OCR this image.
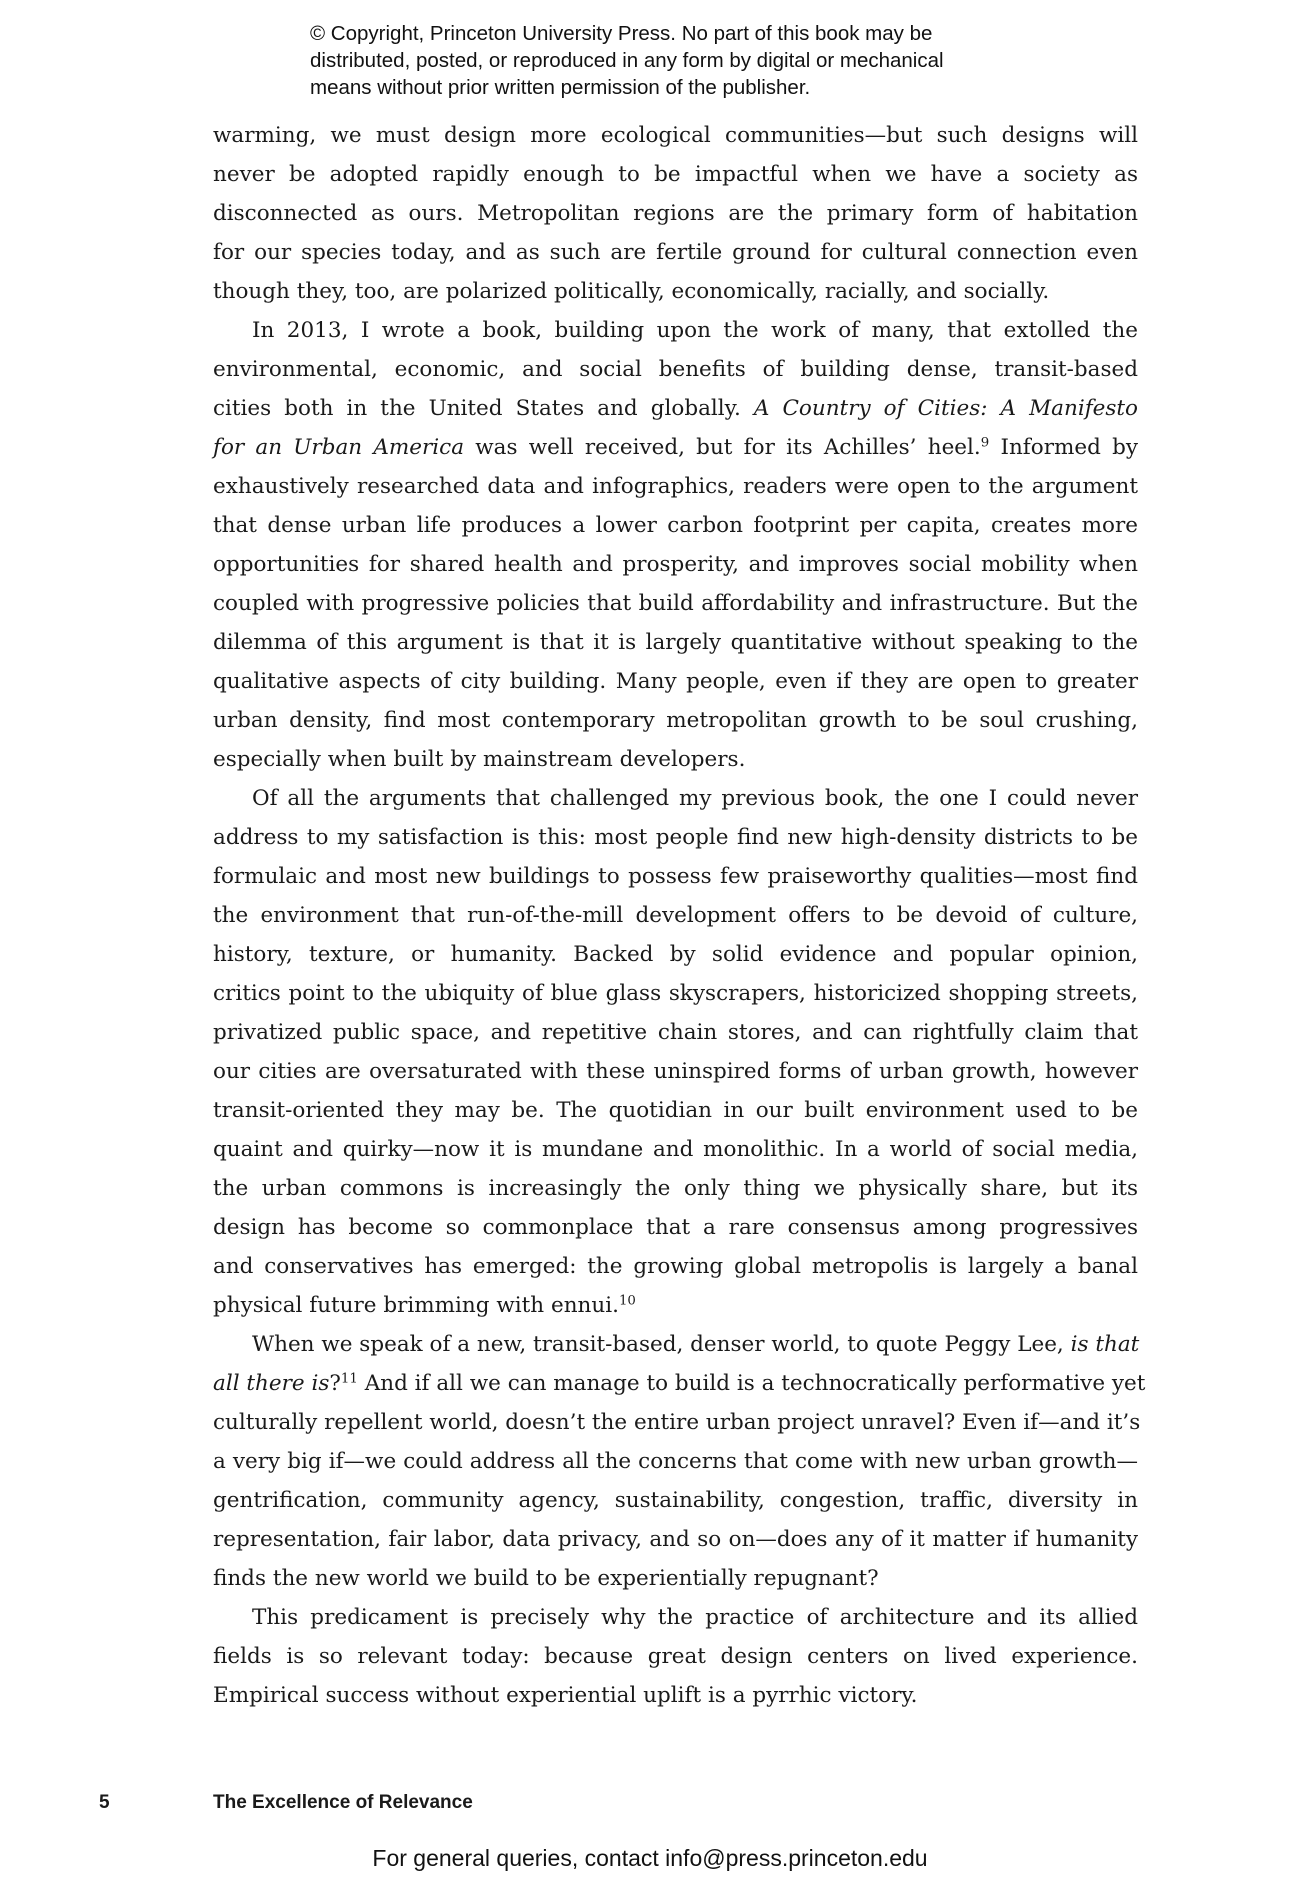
© Copyright, Princeton University Press. No part of this book may be
distributed, posted, or reproduced in any form by digital or mechanical
means without prior written permission of the publisher.
warming, we must design more ecological communities—but such designs will
never be adopted rapidly enough to be impactful when we have a society as
disconnected as ours. Metropolitan regions are the primary form of habitation
for our species today, and as such are fertile ground for cultural connection even
though they, too, are polarized politically, economically, racially, and socially.
In 2013, I wrote a book, building upon the work of many, that extolled the
environmental, economic, and social benefits of building dense, transit-based
cities both in the United States and globally. A Country of Cities: A Manifesto
for an Urban America was well received, but for its Achilles’ heel.$^9$ Informed by
exhaustively researched data and infographics, readers were open to the argument
that dense urban life produces a lower carbon footprint per capita, creates more
opportunities for shared health and prosperity, and improves social mobility when
coupled with progressive policies that build affordability and infrastructure. But the
dilemma of this argument is that it is largely quantitative without speaking to the
qualitative aspects of city building. Many people, even if they are open to greater
urban density, find most contemporary metropolitan growth to be soul crushing,
especially when built by mainstream developers.
Of all the arguments that challenged my previous book, the one I could never
address to my satisfaction is this: most people find new high-density districts to be
formulaic and most new buildings to possess few praiseworthy qualities—most find
the environment that run-of-the-mill development offers to be devoid of culture,
history, texture, or humanity. Backed by solid evidence and popular opinion,
critics point to the ubiquity of blue glass skyscrapers, historicized shopping streets,
privatized public space, and repetitive chain stores, and can rightfully claim that
our cities are oversaturated with these uninspired forms of urban growth, however
transit-oriented they may be. The quotidian in our built environment used to be
quaint and quirky—now it is mundane and monolithic. In a world of social media,
the urban commons is increasingly the only thing we physically share, but its
design has become so commonplace that a rare consensus among progressives
and conservatives has emerged: the growing global metropolis is largely a banal
physical future brimming with ennui.$^{10}$
When we speak of a new, transit-based, denser world, to quote Peggy Lee, is that
all there is?$^{11}$ And if all we can manage to build is a technocratically performative yet
culturally repellent world, doesn’t the entire urban project unravel? Even if—and it’s
a very big if—we could address all the concerns that come with new urban growth—
gentrification, community agency, sustainability, congestion, traffic, diversity in
representation, fair labor, data privacy, and so on—does any of it matter if humanity
finds the new world we build to be experientially repugnant?
This predicament is precisely why the practice of architecture and its allied
fields is so relevant today: because great design centers on lived experience.
Empirical success without experiential uplift is a pyrrhic victory.
5	The Excellence of Relevance
For general queries, contact info@press.princeton.edu
